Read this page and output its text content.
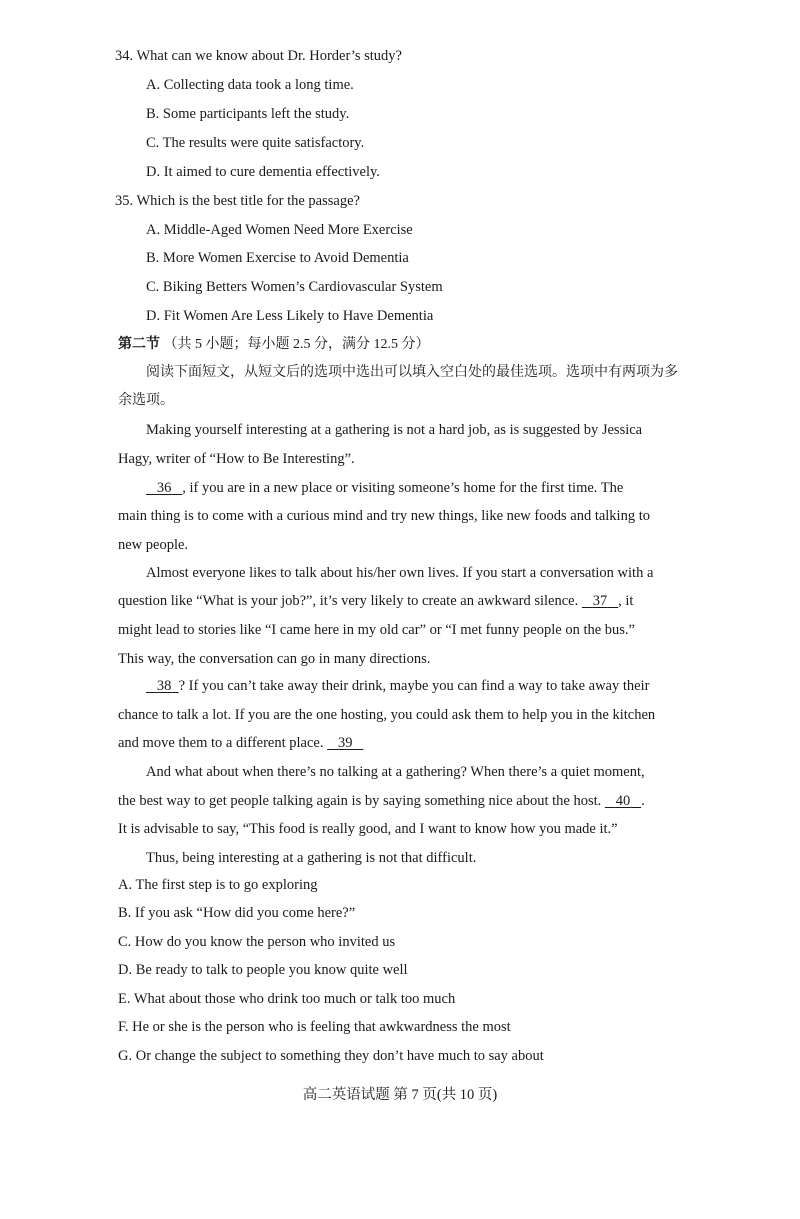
34. What can we know about Dr. Horder’s study?
A. Collecting data took a long time.
B. Some participants left the study.
C. The results were quite satisfactory.
D. It aimed to cure dementia effectively.
35. Which is the best title for the passage?
A. Middle-Aged Women Need More Exercise
B. More Women Exercise to Avoid Dementia
C. Biking Betters Women’s Cardiovascular System
D. Fit Women Are Less Likely to Have Dementia
第二节 （共 5 小题；每小题 2.5 分，满分 12.5 分）
阅读下面短文，从短文后的选项中选出可以填入空白处的最佳选项。选项中有两项为多
余选项。
Making yourself interesting at a gathering is not a hard job, as is suggested by Jessica
Hagy, writer of “How to Be Interesting”.
36 , if you are in a new place or visiting someone’s home for the first time. The
main thing is to come with a curious mind and try new things, like new foods and talking to
new people.
Almost everyone likes to talk about his/her own lives. If you start a conversation with a
question like “What is your job?”, it’s very likely to create an awkward silence. 37 , it
might lead to stories like “I came here in my old car” or “I met funny people on the bus.”
This way, the conversation can go in many directions.
38 ? If you can’t take away their drink, maybe you can find a way to take away their
chance to talk a lot. If you are the one hosting, you could ask them to help you in the kitchen
and move them to a different place. 39
And what about when there’s no talking at a gathering? When there’s a quiet moment,
the best way to get people talking again is by saying something nice about the host. 40 .
It is advisable to say, “This food is really good, and I want to know how you made it.”
Thus, being interesting at a gathering is not that difficult.
A. The first step is to go exploring
B. If you ask “How did you come here?”
C. How do you know the person who invited us
D. Be ready to talk to people you know quite well
E. What about those who drink too much or talk too much
F. He or she is the person who is feeling that awkwardness the most
G. Or change the subject to something they don’t have much to say about
高二英语试题 第 7 页(共 10 页)
